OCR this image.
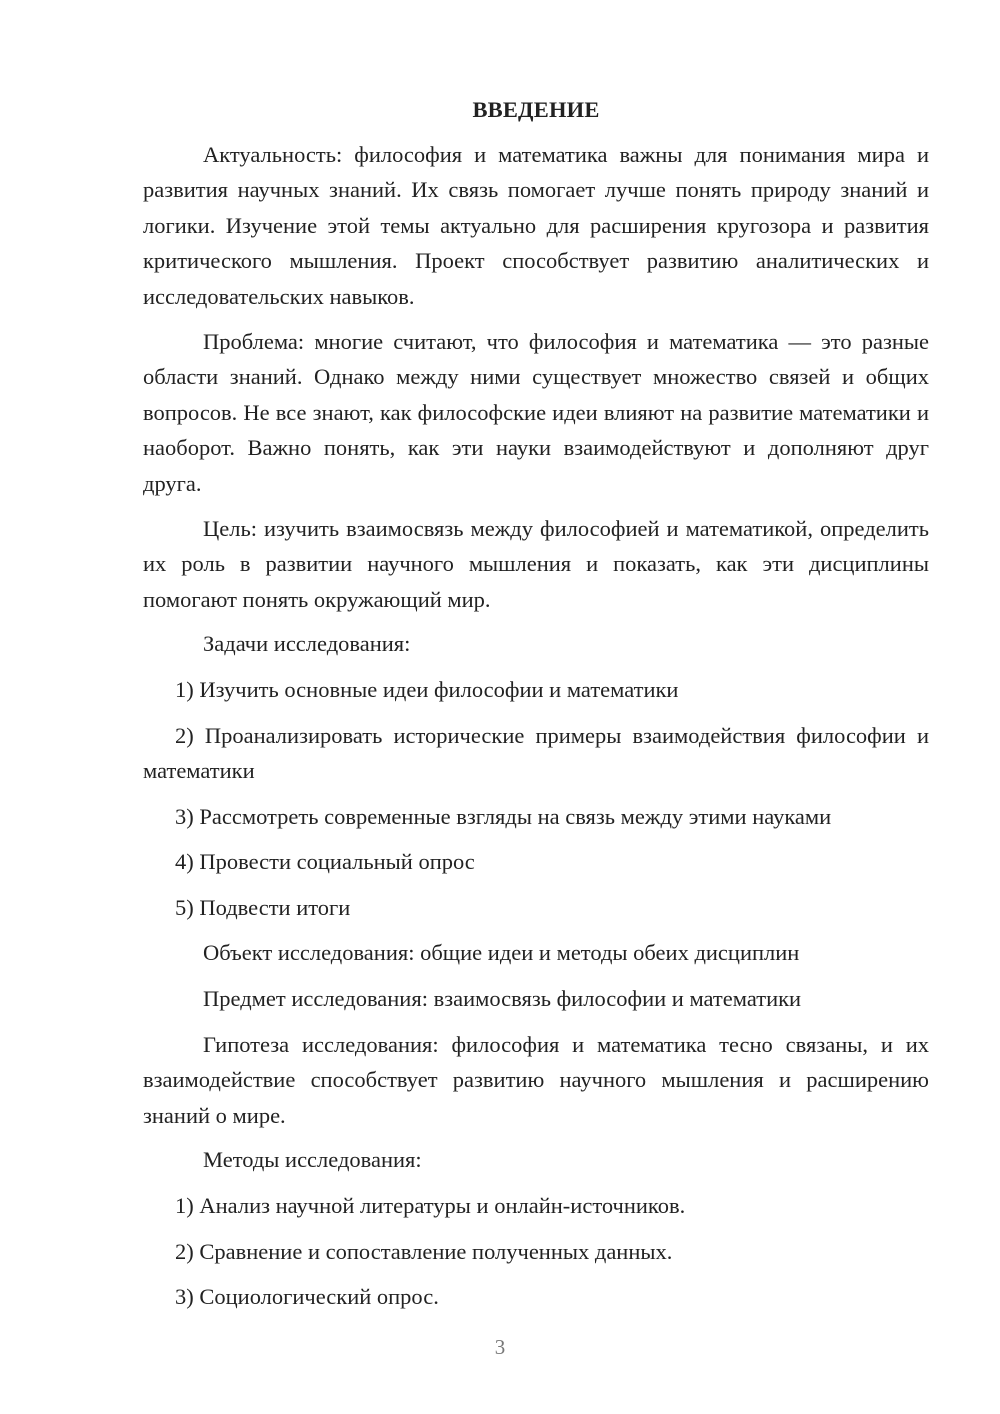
ВВЕДЕНИЕ

Актуальность: философия и математика важны для понимания мира и развития научных знаний. Их связь помогает лучше понять природу знаний и логики. Изучение этой темы актуально для расширения кругозора и развития критического мышления. Проект способствует развитию аналитических и исследовательских навыков.

Проблема: многие считают, что философия и математика — это разные области знаний. Однако между ними существует множество связей и общих вопросов. Не все знают, как философские идеи влияют на развитие математики и наоборот. Важно понять, как эти науки взаимодействуют и дополняют друг друга.

Цель: изучить взаимосвязь между философией и математикой, определить их роль в развитии научного мышления и показать, как эти дисциплины помогают понять окружающий мир.

Задачи исследования:

1) Изучить основные идеи философии и математики

2) Проанализировать исторические примеры взаимодействия философии и математики

3) Рассмотреть современные взгляды на связь между этими науками

4) Провести социальный опрос

5) Подвести итоги

Объект исследования: общие идеи и методы обеих дисциплин

Предмет исследования: взаимосвязь философии и математики

Гипотеза исследования: философия и математика тесно связаны, и их взаимодействие способствует развитию научного мышления и расширению знаний о мире.

Методы исследования:

1) Анализ научной литературы и онлайн-источников.

2) Сравнение и сопоставление полученных данных.

3) Социологический опрос.

3
